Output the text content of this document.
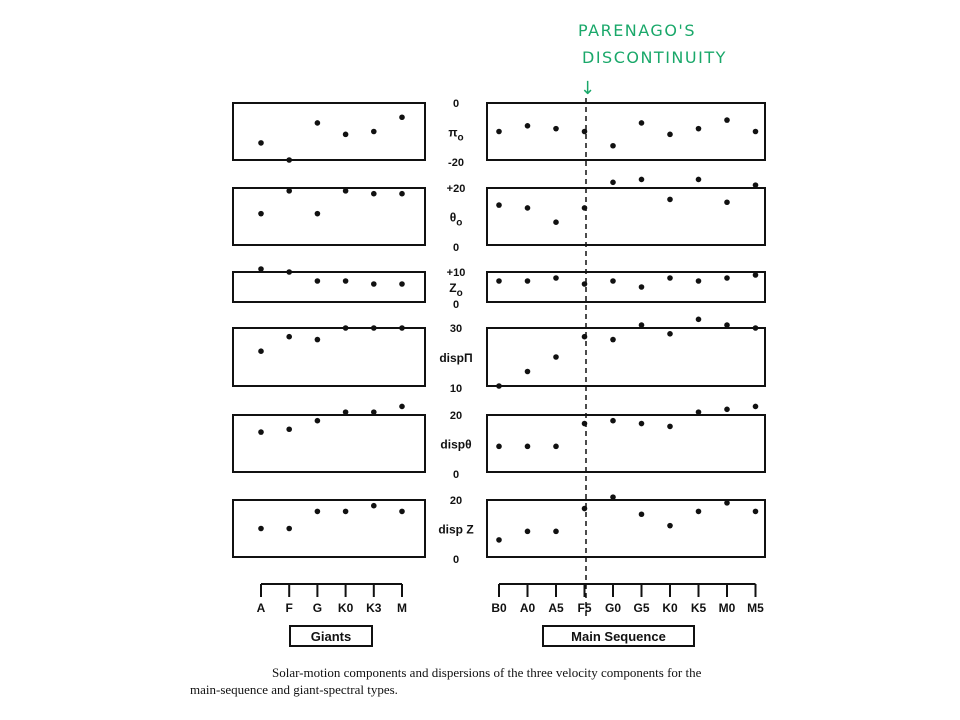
0
-20
$\pi_o$
+20
0
$\theta_o$
+10
0
$Z_o$
30
10
dispΠ
20
0
dispθ
20
0
disp Z
A F G K0 K3 M
Giants
B0 A0 A5 F5 G0 G5 K0 K5 M0 M5
Main Sequence
PARENAGO'S
DISCONTINUITY
↓

Solar-motion components and dispersions of the three velocity components for the
main-sequence and giant-spectral types.
